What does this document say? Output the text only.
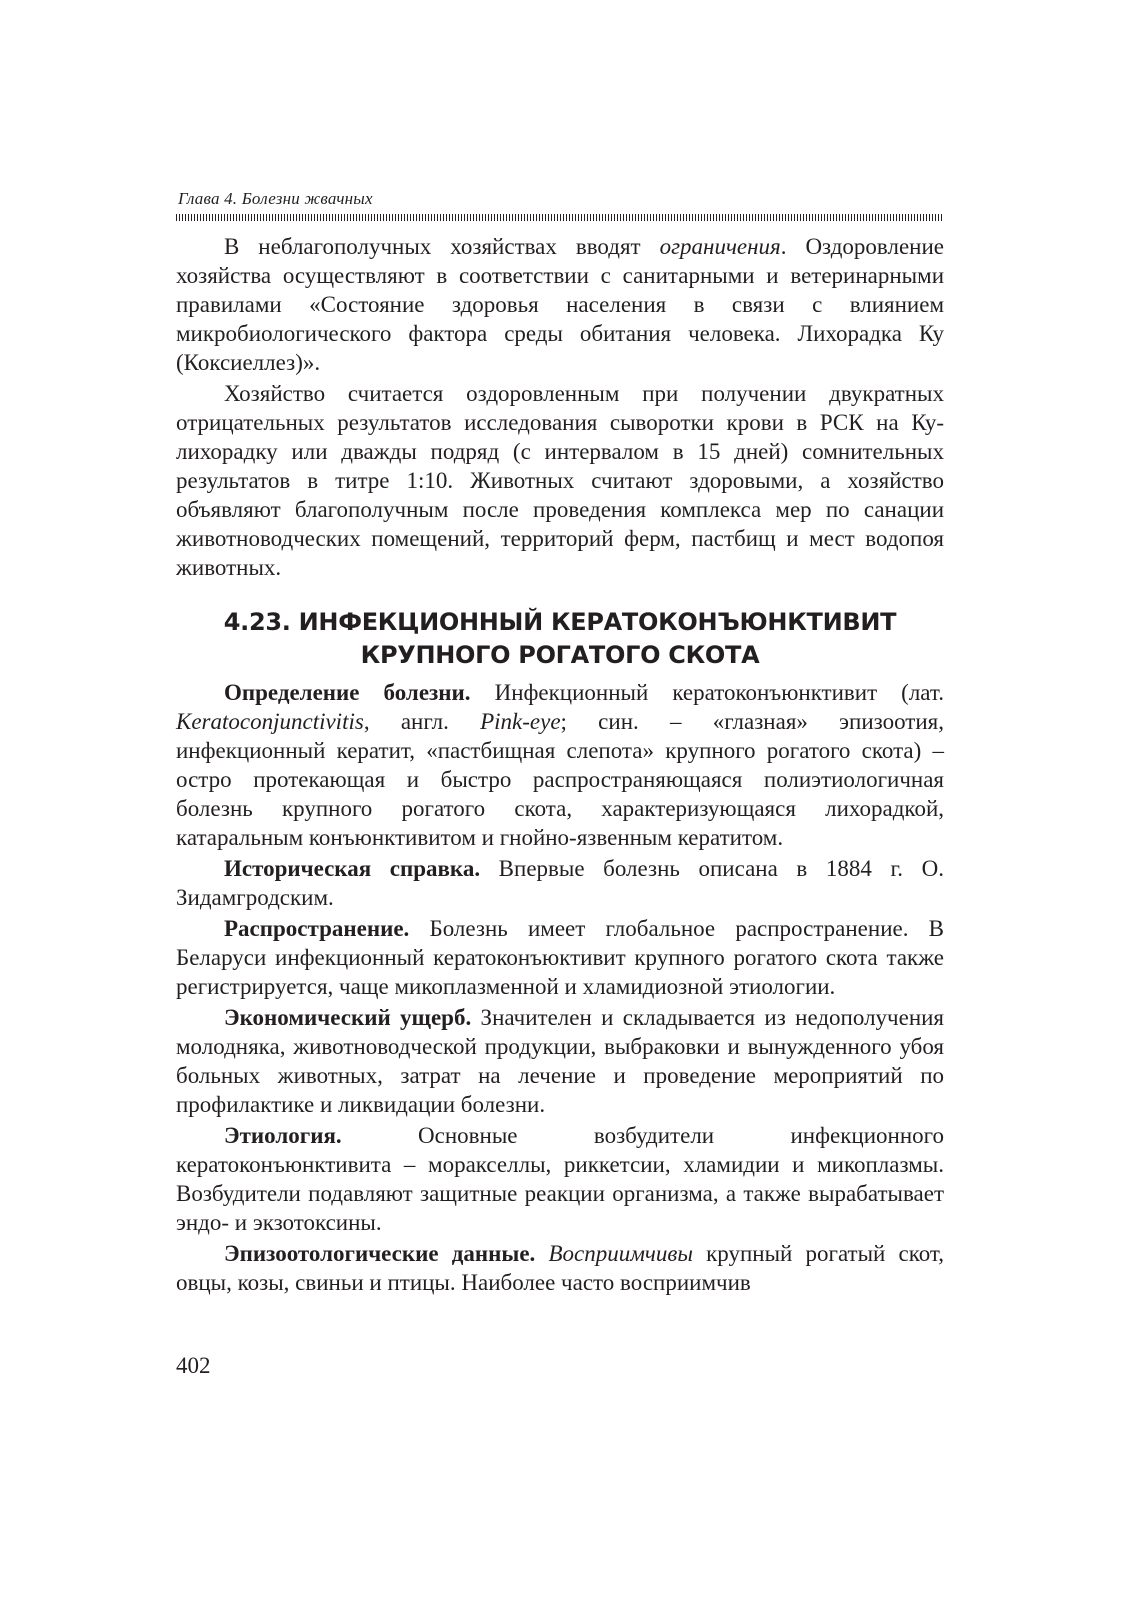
Глава 4. Болезни жвачных

В неблагополучных хозяйствах вводят ограничения. Оздоровление хозяйства осуществляют в соответствии с санитарными и ветеринарными правилами «Состояние здоровья населения в связи с влиянием микробиологического фактора среды обитания человека. Лихорадка Ку (Коксиеллез)».

Хозяйство считается оздоровленным при получении двукратных отрицательных результатов исследования сыворотки крови в РСК на Ку-лихорадку или дважды подряд (с интервалом в 15 дней) сомнительных результатов в титре 1:10. Животных считают здоровыми, а хозяйство объявляют благополучным после проведения комплекса мер по санации животноводческих помещений, территорий ферм, пастбищ и мест водопоя животных.

4.23. ИНФЕКЦИОННЫЙ КЕРАТОКОНЪЮНКТИВИТ
КРУПНОГО РОГАТОГО СКОТА

Определение болезни. Инфекционный кератоконъюнктивит (лат. Keratoconjunctivitis, англ. Pink-eye; син. – «глазная» эпизоотия, инфекционный кератит, «пастбищная слепота» крупного рогатого скота) – остро протекающая и быстро распространяющаяся полиэтиологичная болезнь крупного рогатого скота, характеризующаяся лихорадкой, катаральным конъюнктивитом и гнойно-язвенным кератитом.

Историческая справка. Впервые болезнь описана в 1884 г. О. Зидамгродским.

Распространение. Болезнь имеет глобальное распространение. В Беларуси инфекционный кератоконъюктивит крупного рогатого скота также регистрируется, чаще микоплазменной и хламидиозной этиологии.

Экономический ущерб. Значителен и складывается из недополучения молодняка, животноводческой продукции, выбраковки и вынужденного убоя больных животных, затрат на лечение и проведение мероприятий по профилактике и ликвидации болезни.

Этиология. Основные возбудители инфекционного кератоконъюнктивита – моракселлы, риккетсии, хламидии и микоплазмы. Возбудители подавляют защитные реакции организма, а также вырабатывает эндо- и экзотоксины.

Эпизоотологические данные. Восприимчивы крупный рогатый скот, овцы, козы, свиньи и птицы. Наиболее часто восприимчив

402
